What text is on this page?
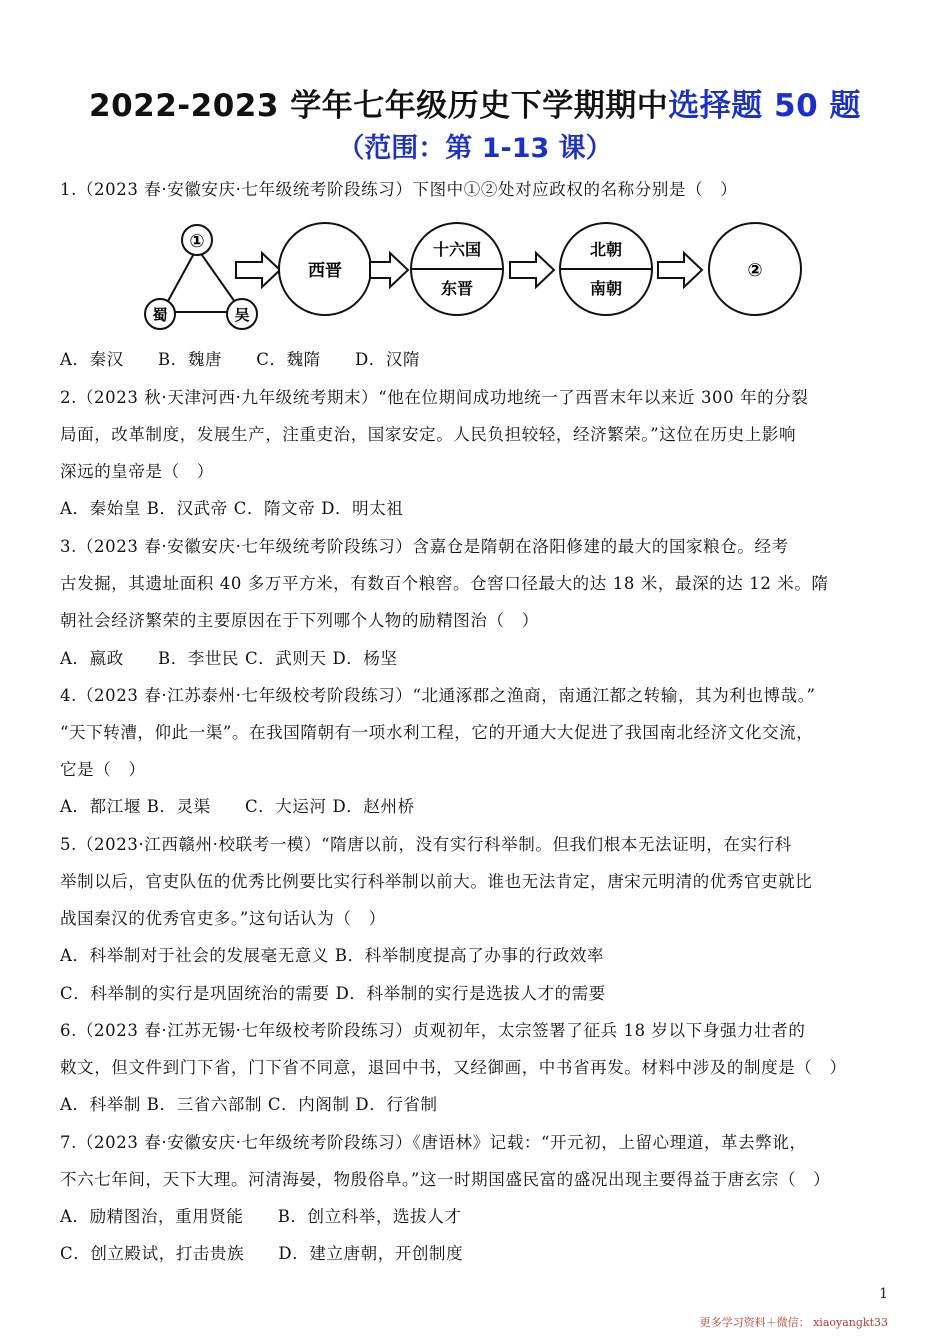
2022-2023 学年七年级历史下学期期中选择题 50 题
（范围：第 1-13 课）
1.（2023 春·安徽安庆·七年级统考阶段练习）下图中①②处对应政权的名称分别是（　）
①
蜀	吴
西晋
十六国
东晋
北朝
南朝
②
A．秦汉　　B．魏唐　　C．魏隋　　D．汉隋
2.（2023 秋·天津河西·九年级统考期末）“他在位期间成功地统一了西晋末年以来近 300 年的分裂
局面，改革制度，发展生产，注重吏治，国家安定。人民负担较轻，经济繁荣。”这位在历史上影响
深远的皇帝是（　）
A．秦始皇 B．汉武帝 C．隋文帝 D．明太祖
3.（2023 春·安徽安庆·七年级统考阶段练习）含嘉仓是隋朝在洛阳修建的最大的国家粮仓。经考
古发掘，其遗址面积 40 多万平方米，有数百个粮窖。仓窖口径最大的达 18 米，最深的达 12 米。隋
朝社会经济繁荣的主要原因在于下列哪个人物的励精图治（　）
A．嬴政　　B．李世民 C．武则天 D．杨坚
4.（2023 春·江苏泰州·七年级校考阶段练习）“北通涿郡之渔商，南通江都之转输，其为利也博哉。”
“天下转漕，仰此一渠”。在我国隋朝有一项水利工程，它的开通大大促进了我国南北经济文化交流，
它是（　）
A．都江堰 B．灵渠　　C．大运河 D．赵州桥
5.（2023·江西赣州·校联考一模）“隋唐以前，没有实行科举制。但我们根本无法证明，在实行科
举制以后，官吏队伍的优秀比例要比实行科举制以前大。谁也无法肯定，唐宋元明清的优秀官吏就比
战国秦汉的优秀官吏多。”这句话认为（　）
A．科举制对于社会的发展毫无意义 B．科举制度提高了办事的行政效率
C．科举制的实行是巩固统治的需要 D．科举制的实行是选拔人才的需要
6.（2023 春·江苏无锡·七年级校考阶段练习）贞观初年，太宗签署了征兵 18 岁以下身强力壮者的
敕文，但文件到门下省，门下省不同意，退回中书，又经御画，中书省再发。材料中涉及的制度是（　）
A．科举制 B．三省六部制 C．内阁制 D．行省制
7.（2023 春·安徽安庆·七年级统考阶段练习）《唐语林》记载：“开元初，上留心理道，革去弊讹，
不六七年间，天下大理。河清海晏，物殷俗阜。”这一时期国盛民富的盛况出现主要得益于唐玄宗（　）
A．励精图治，重用贤能　　B．创立科举，选拔人才
C．创立殿试，打击贵族　　D．建立唐朝，开创制度
1
更多学习资料＋微信： xiaoyangkt33
